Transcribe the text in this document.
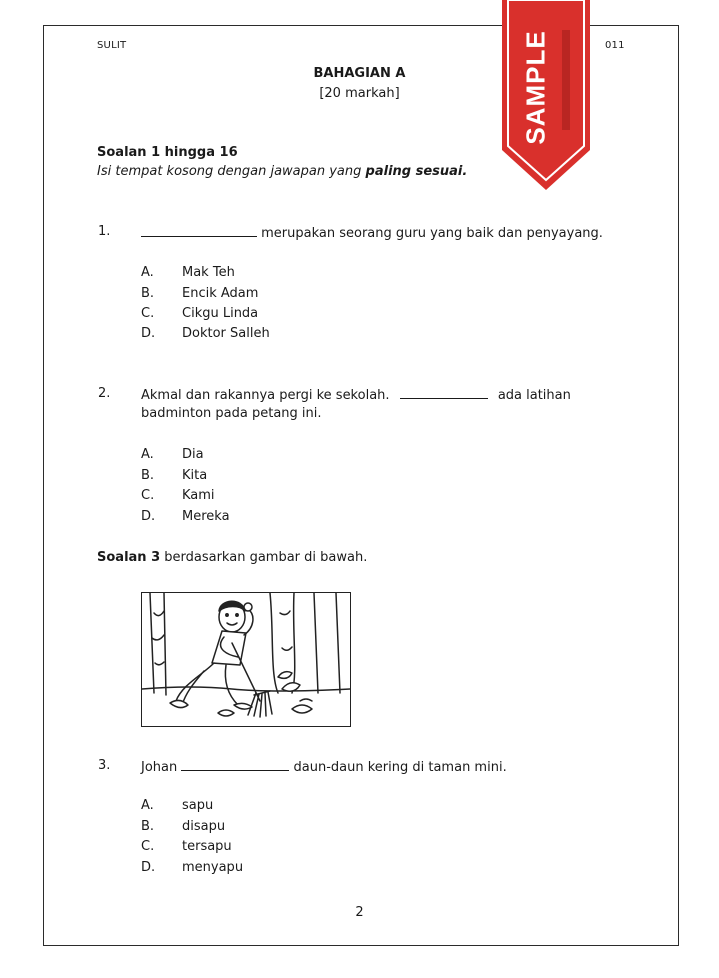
SULIT	011
BAHAGIAN A
[20 markah]
Soalan 1 hingga 16
Isi tempat kosong dengan jawapan yang paling sesuai.
1.	merupakan seorang guru yang baik dan penyayang.
A. Mak Teh
B. Encik Adam
C. Cikgu Linda
D. Doktor Salleh
2. Akmal dan rakannya pergi ke sekolah.	ada latihan
badminton pada petang ini.
A. Dia
B. Kita
C. Kami
D. Mereka
Soalan 3 berdasarkan gambar di bawah.
3. Johan	daun-daun kering di taman mini.
A. sapu
B. disapu
C. tersapu
D. menyapu
2
SAMPLE
